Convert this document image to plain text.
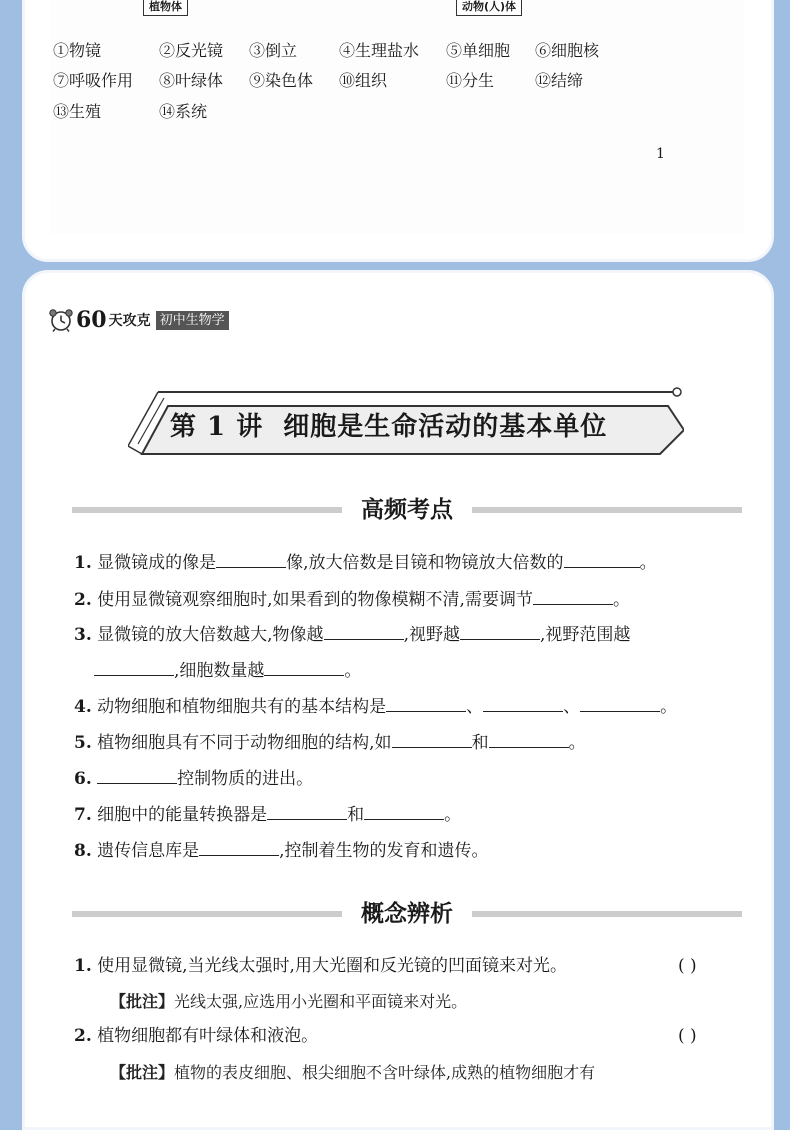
植物体	动物(人)体
①物镜	②反光镜 ③倒立	④生理盐水 ⑤单细胞 ⑥细胞核
⑦呼吸作用 ⑧叶绿体 ⑨染色体 ⑩组织	⑪分生	⑫结缔
⑬生殖	⑭系统
1
60 天攻克 初中生物学
第 1 讲 细胞是生命活动的基本单位
高频考点
1. 显微镜成的像是	像,放大倍数是目镜和物镜放大倍数的	。
2. 使用显微镜观察细胞时,如果看到的物像模糊不清,需要调节	。
3. 显微镜的放大倍数越大,物像越	,视野越	,视野范围越
,细胞数量越	。
4. 动物细胞和植物细胞共有的基本结构是	、	、	。
5. 植物细胞具有不同于动物细胞的结构,如	和	。
6.	控制物质的进出。
7. 细胞中的能量转换器是	和	。
8. 遗传信息库是	,控制着生物的发育和遗传。
概念辨析
1. 使用显微镜,当光线太强时,用大光圈和反光镜的凹面镜来对光。	( )
【批注】光线太强,应选用小光圈和平面镜来对光。
2. 植物细胞都有叶绿体和液泡。	( )
【批注】植物的表皮细胞、根尖细胞不含叶绿体,成熟的植物细胞才有
